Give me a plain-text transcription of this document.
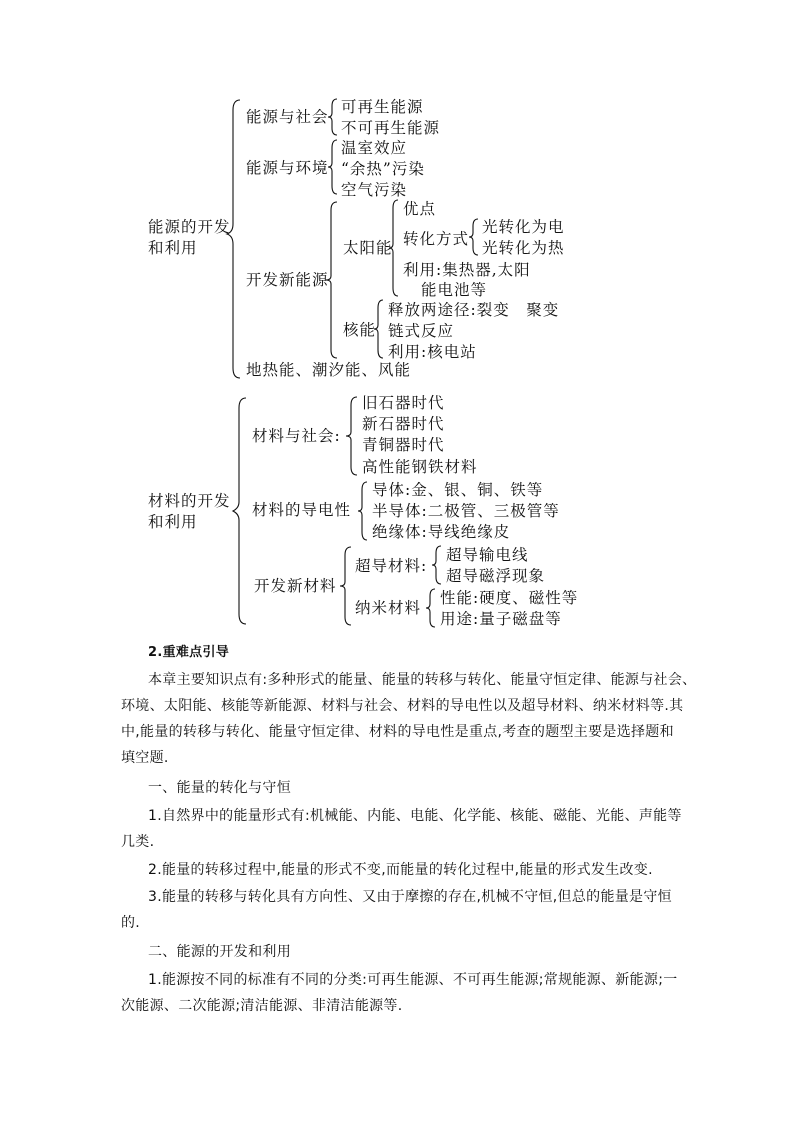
能源的开发
和利用
能源与社会
可再生能源
不可再生能源
能源与环境
温室效应
“余热”污染
空气污染
开发新能源
太阳能
优点
转化方式
光转化为电
光转化为热
利用:集热器,太阳
能电池等
核能
释放两途径:裂变　聚变
链式反应
利用:核电站
地热能、潮汐能、风能
材料的开发
和利用
材料与社会:
旧石器时代
新石器时代
青铜器时代
高性能钢铁材料
材料的导电性
导体:金、银、铜、铁等
半导体:二极管、三极管等
绝缘体:导线绝缘皮
开发新材料
超导材料:
超导输电线
超导磁浮现象
纳米材料
性能:硬度、磁性等
用途:量子磁盘等
2.重难点引导
本章主要知识点有:多种形式的能量、能量的转移与转化、能量守恒定律、能源与社会、
环境、太阳能、核能等新能源、材料与社会、材料的导电性以及超导材料、纳米材料等.其
中,能量的转移与转化、能量守恒定律、材料的导电性是重点,考查的题型主要是选择题和
填空题.
一、能量的转化与守恒
1.自然界中的能量形式有:机械能、内能、电能、化学能、核能、磁能、光能、声能等
几类.
2.能量的转移过程中,能量的形式不变,而能量的转化过程中,能量的形式发生改变.
3.能量的转移与转化具有方向性、又由于摩擦的存在,机械不守恒,但总的能量是守恒
的.
二、能源的开发和利用
1.能源按不同的标准有不同的分类:可再生能源、不可再生能源;常规能源、新能源;一
次能源、二次能源;清洁能源、非清洁能源等.
